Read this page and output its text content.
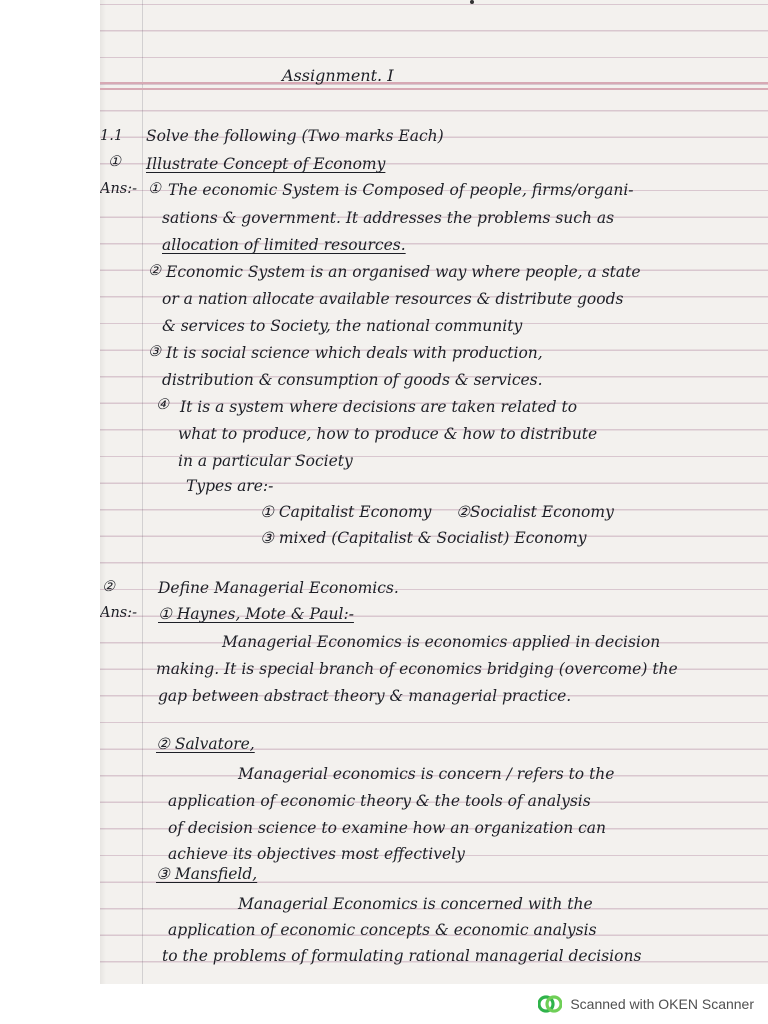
Assignment. I
1.1 Solve the following (Two marks Each)
① Illustrate Concept of Economy
Ans:- ① The economic System is Composed of people, firms/organi-
sations & government. It addresses the problems such as
allocation of limited resources.
② Economic System is an organised way where people, a state
or a nation allocate available resources & distribute goods
& services to Society, the national community
③ It is social science which deals with production,
distribution & consumption of goods & services.
④ It is a system where decisions are taken related to
what to produce, how to produce & how to distribute
in a particular Society
Types are:-
① Capitalist Economy ②Socialist Economy
③ mixed (Capitalist & Socialist) Economy
②	Define Managerial Economics.
Ans:- ① Haynes, Mote & Paul:-
Managerial Economics is economics applied in decision
making. It is special branch of economics bridging (overcome) the
gap between abstract theory & managerial practice.
② Salvatore,
Managerial economics is concern / refers to the
application of economic theory & the tools of analysis
of decision science to examine how an organization can
achieve its objectives most effectively
③ Mansfield,
Managerial Economics is concerned with the
application of economic concepts & economic analysis
to the problems of formulating rational managerial decisions
Scanned with OKEN Scanner
